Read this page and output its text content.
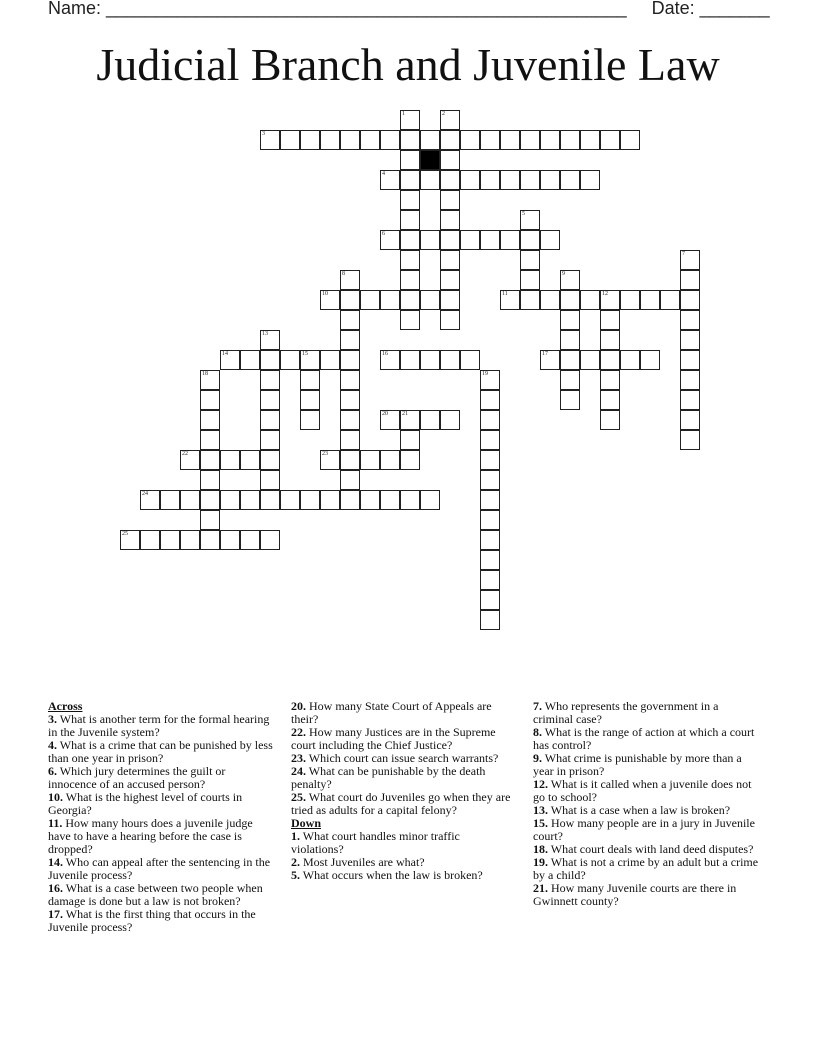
Name: ____________________________________________________     Date: _______
Judicial Branch and Juvenile Law
1	2
3
4
5
6
7
8	9
10	11	12
13
14	15	16	17
18	19
20 21
22	23
24
25
Across
3. What is another term for the formal hearing in the Juvenile system?
4. What is a crime that can be punished by less than one year in prison?
6. Which jury determines the guilt or innocence of an accused person?
10. What is the highest level of courts in Georgia?
11. How many hours does a juvenile judge have to have a hearing before the case is dropped?
14. Who can appeal after the sentencing in the Juvenile process?
16. What is a case between two people when damage is done but a law is not broken?
17. What is the first thing that occurs in the Juvenile process?
20. How many State Court of Appeals are their?
22. How many Justices are in the Supreme court including the Chief Justice?
23. Which court can issue search warrants?
24. What can be punishable by the death penalty?
25. What court do Juveniles go when they are tried as adults for a capital felony?
Down
1. What court handles minor traffic violations?
2. Most Juveniles are what?
5. What occurs when the law is broken?
7. Who represents the government in a criminal case?
8. What is the range of action at which a court has control?
9. What crime is punishable by more than a year in prison?
12. What is it called when a juvenile does not go to school?
13. What is a case when a law is broken?
15. How many people are in a jury in Juvenile court?
18. What court deals with land deed disputes?
19. What is not a crime by an adult but a crime by a child?
21. How many Juvenile courts are there in Gwinnett county?
